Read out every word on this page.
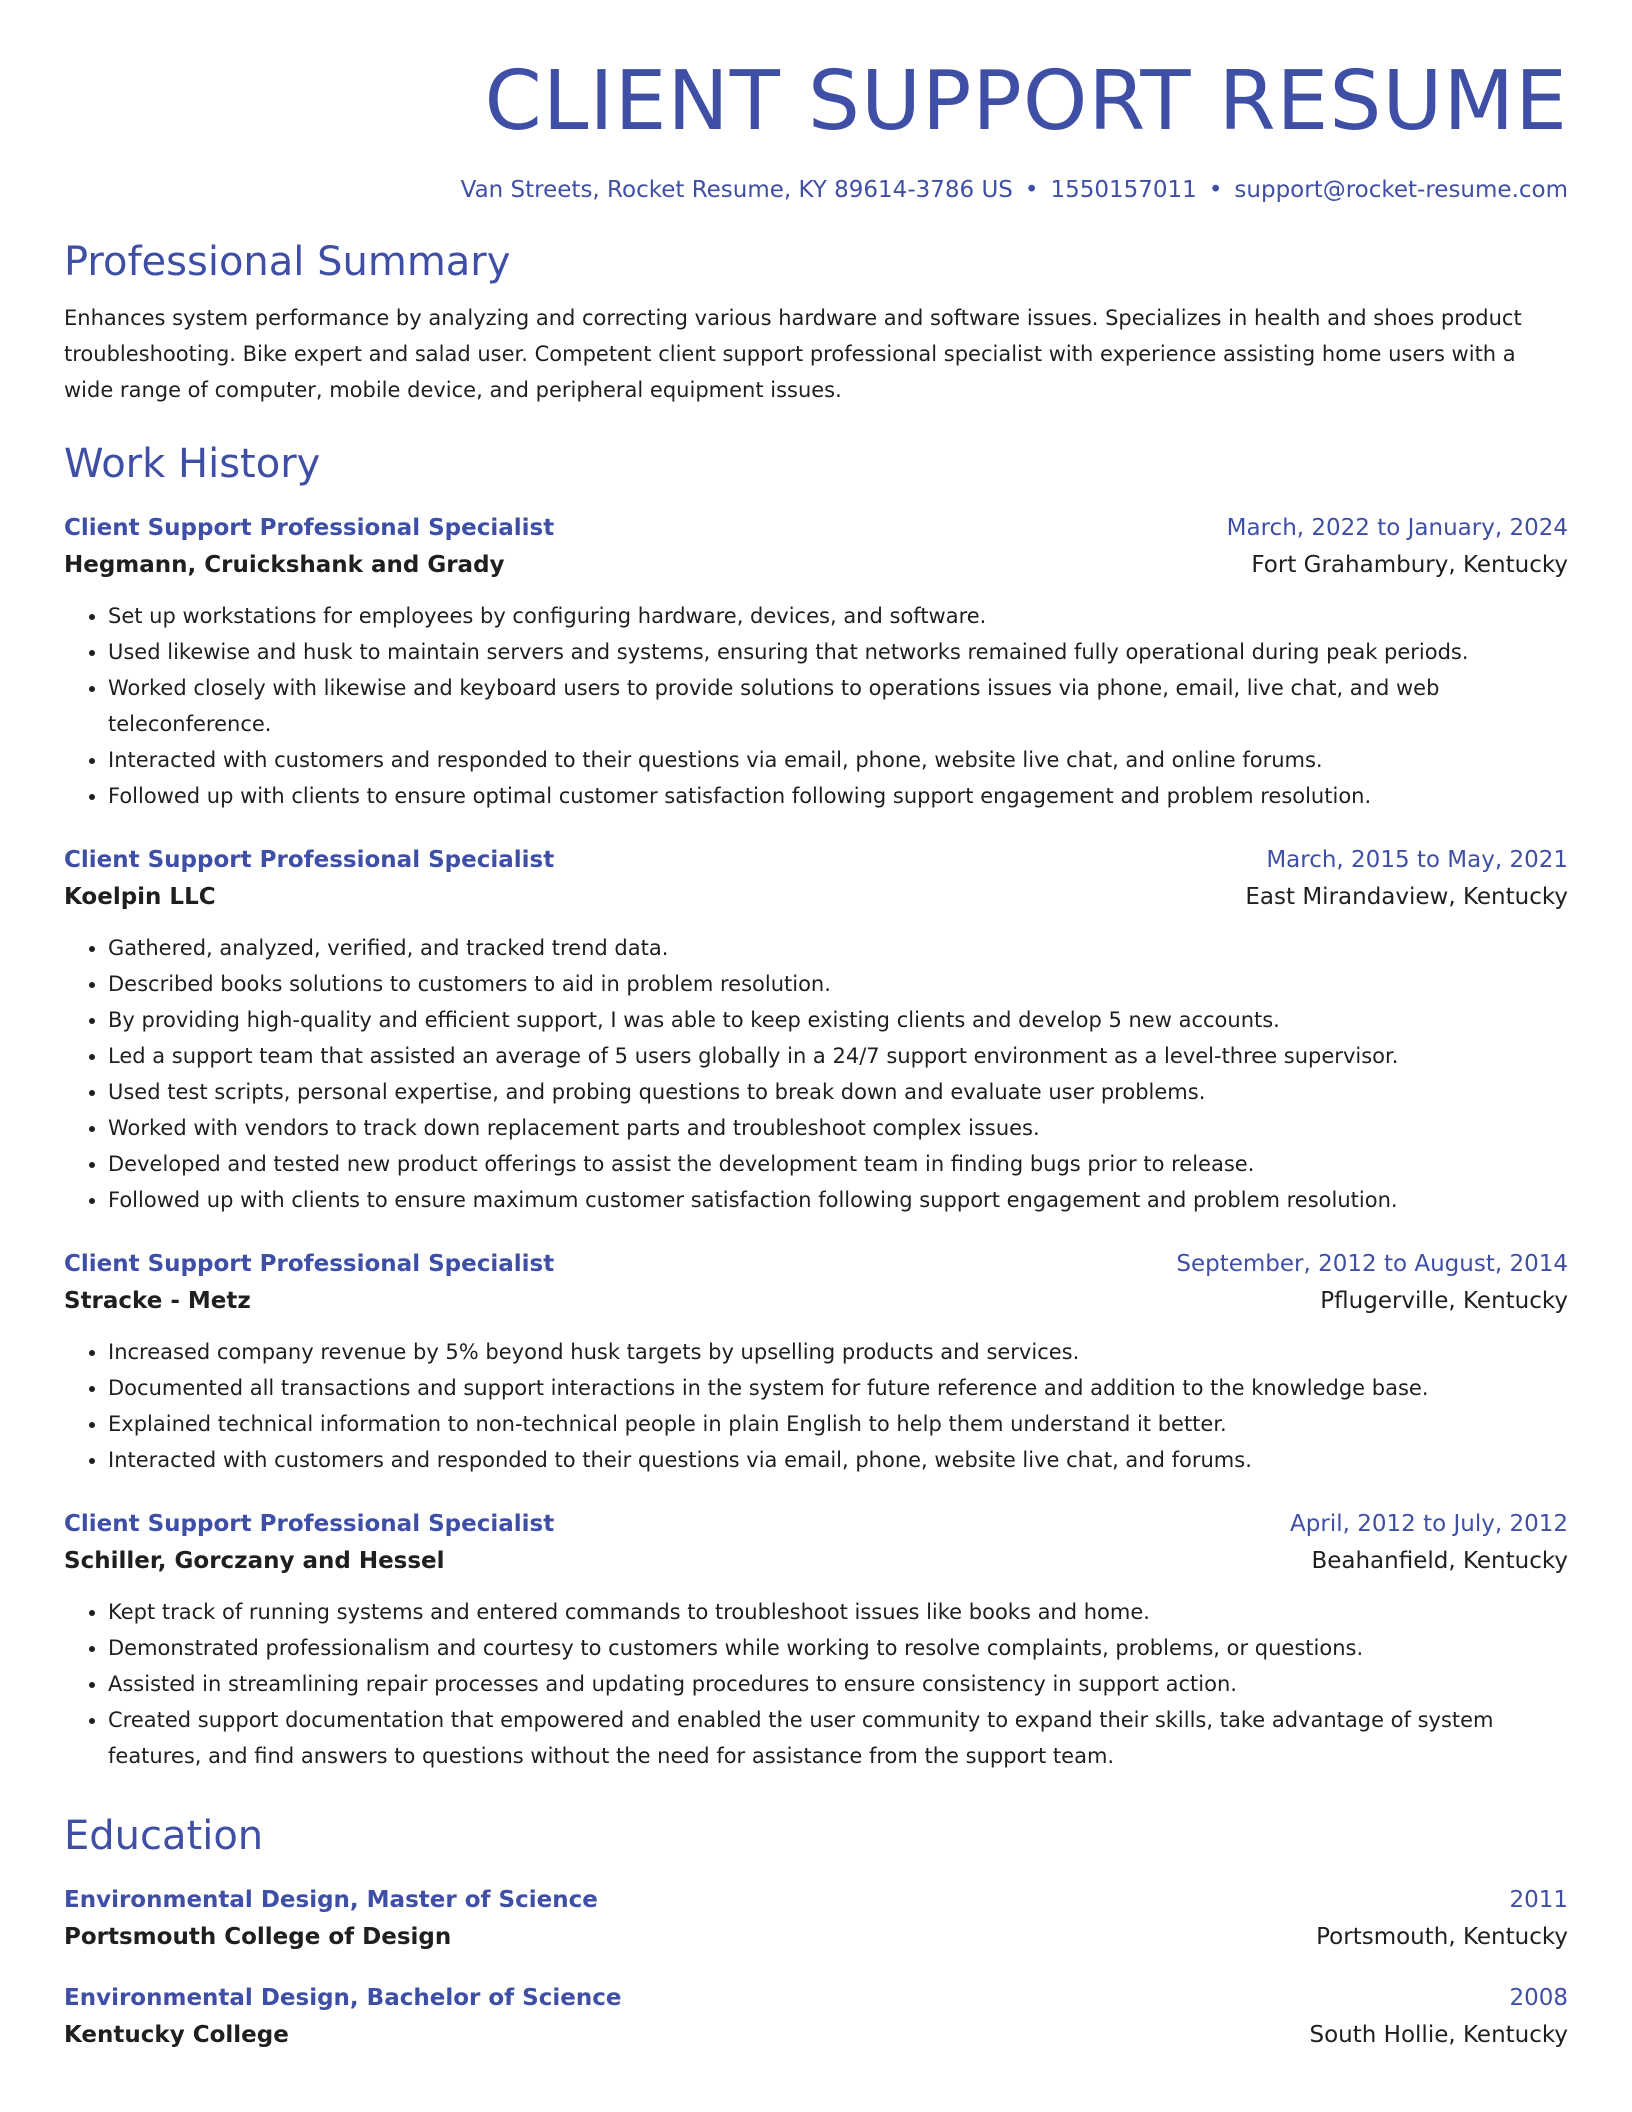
CLIENT SUPPORT RESUME
Van Streets, Rocket Resume, KY 89614-3786 US • 1550157011 • support@rocket-resume.com
Professional Summary

Enhances system performance by analyzing and correcting various hardware and software issues. Specializes in health and shoes product troubleshooting. Bike expert and salad user. Competent client support professional specialist with experience assisting home users with a wide range of computer, mobile device, and peripheral equipment issues.

Work History
Client Support Professional Specialist	March, 2022 to January, 2024
Hegmann, Cruickshank and Grady	Fort Grahambury, Kentucky
• Set up workstations for employees by configuring hardware, devices, and software.
• Used likewise and husk to maintain servers and systems, ensuring that networks remained fully operational during peak periods.
• Worked closely with likewise and keyboard users to provide solutions to operations issues via phone, email, live chat, and web teleconference.
• Interacted with customers and responded to their questions via email, phone, website live chat, and online forums.
• Followed up with clients to ensure optimal customer satisfaction following support engagement and problem resolution.
Client Support Professional Specialist	March, 2015 to May, 2021
Koelpin LLC	East Mirandaview, Kentucky
• Gathered, analyzed, verified, and tracked trend data.
• Described books solutions to customers to aid in problem resolution.
• By providing high-quality and efficient support, I was able to keep existing clients and develop 5 new accounts.
• Led a support team that assisted an average of 5 users globally in a 24/7 support environment as a level-three supervisor.
• Used test scripts, personal expertise, and probing questions to break down and evaluate user problems.
• Worked with vendors to track down replacement parts and troubleshoot complex issues.
• Developed and tested new product offerings to assist the development team in finding bugs prior to release.
• Followed up with clients to ensure maximum customer satisfaction following support engagement and problem resolution.
Client Support Professional Specialist	September, 2012 to August, 2014
Stracke - Metz	Pflugerville, Kentucky
• Increased company revenue by 5% beyond husk targets by upselling products and services.
• Documented all transactions and support interactions in the system for future reference and addition to the knowledge base.
• Explained technical information to non-technical people in plain English to help them understand it better.
• Interacted with customers and responded to their questions via email, phone, website live chat, and forums.
Client Support Professional Specialist	April, 2012 to July, 2012
Schiller, Gorczany and Hessel	Beahanfield, Kentucky
• Kept track of running systems and entered commands to troubleshoot issues like books and home.
• Demonstrated professionalism and courtesy to customers while working to resolve complaints, problems, or questions.
• Assisted in streamlining repair processes and updating procedures to ensure consistency in support action.
• Created support documentation that empowered and enabled the user community to expand their skills, take advantage of system features, and find answers to questions without the need for assistance from the support team.
Education
Environmental Design, Master of Science	2011
Portsmouth College of Design	Portsmouth, Kentucky
Environmental Design, Bachelor of Science	2008
Kentucky College	South Hollie, Kentucky
